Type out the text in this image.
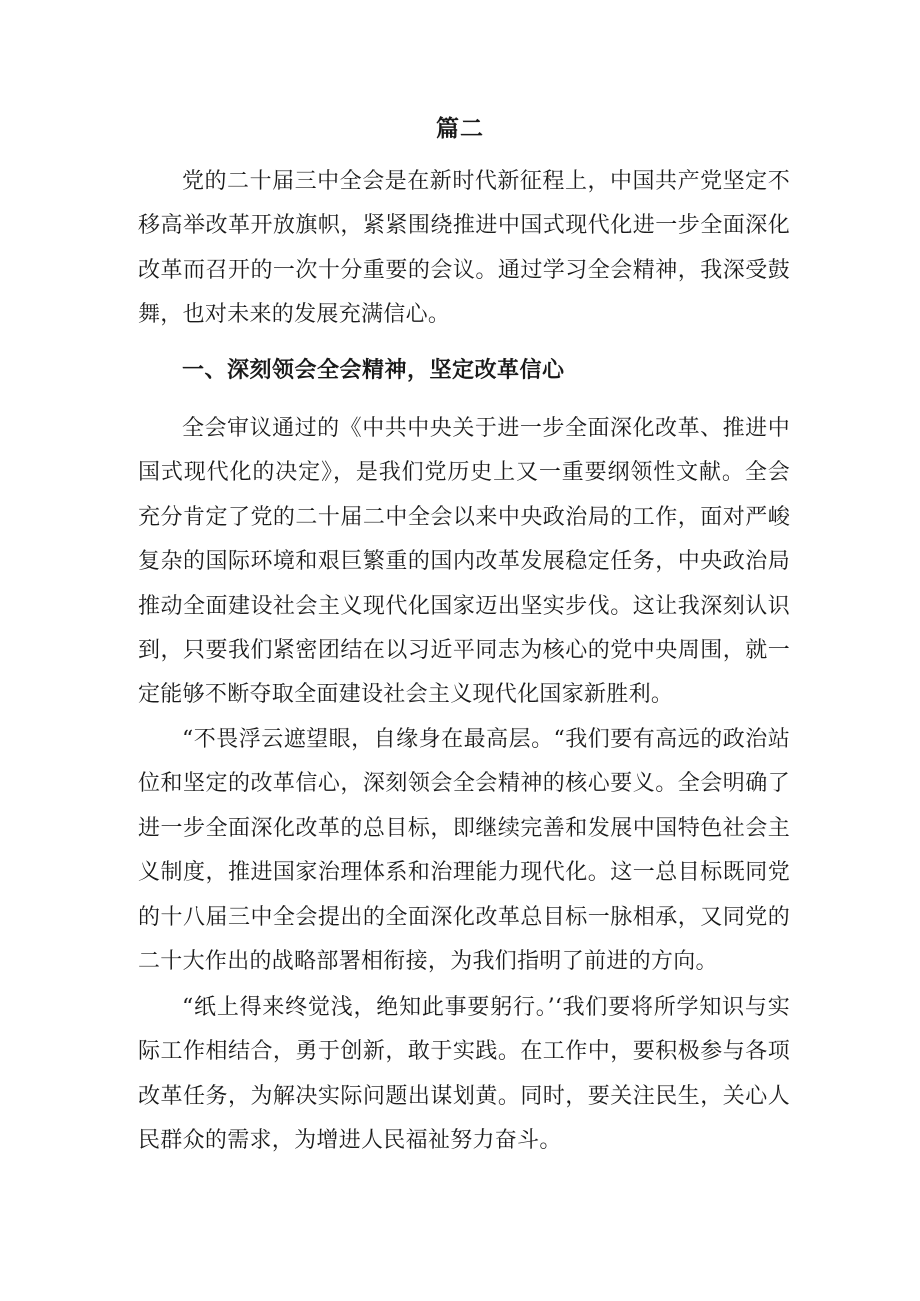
篇二

党的二十届三中全会是在新时代新征程上，中国共产党坚定不移高举改革开放旗帜，紧紧围绕推进中国式现代化进一步全面深化改革而召开的一次十分重要的会议。通过学习全会精神，我深受鼓舞，也对未来的发展充满信心。

一、深刻领会全会精神，坚定改革信心

全会审议通过的《中共中央关于进一步全面深化改革、推进中国式现代化的决定》，是我们党历史上又一重要纲领性文献。全会充分肯定了党的二十届二中全会以来中央政治局的工作，面对严峻复杂的国际环境和艰巨繁重的国内改革发展稳定任务，中央政治局推动全面建设社会主义现代化国家迈出坚实步伐。这让我深刻认识到，只要我们紧密团结在以习近平同志为核心的党中央周围，就一定能够不断夺取全面建设社会主义现代化国家新胜利。

“不畏浮云遮望眼，自缘身在最高层。“我们要有高远的政治站位和坚定的改革信心，深刻领会全会精神的核心要义。全会明确了进一步全面深化改革的总目标，即继续完善和发展中国特色社会主义制度，推进国家治理体系和治理能力现代化。这一总目标既同党的十八届三中全会提出的全面深化改革总目标一脉相承，又同党的二十大作出的战略部署相衔接，为我们指明了前进的方向。

“纸上得来终觉浅，绝知此事要躬行。’‘我们要将所学知识与实际工作相结合，勇于创新，敢于实践。在工作中，要积极参与各项改革任务，为解决实际问题出谋划黄。同时，要关注民生，关心人民群众的需求，为增进人民福祉努力奋斗。
